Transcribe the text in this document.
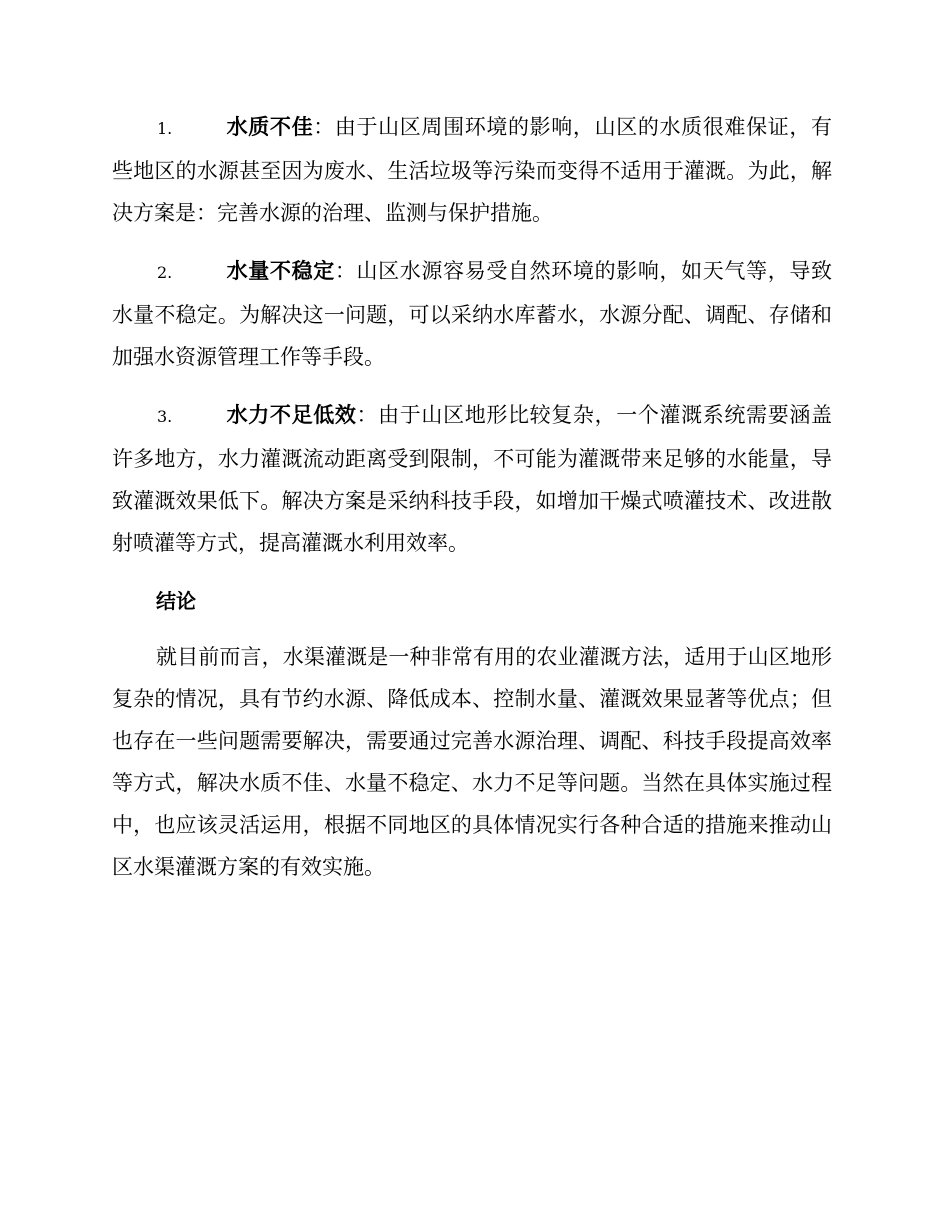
1.	水质不佳：由于山区周围环境的影响，山区的水质很难保证，有些地区的水源甚至因为废水、生活垃圾等污染而变得不适用于灌溉。为此，解决方案是：完善水源的治理、监测与保护措施。

2.	水量不稳定：山区水源容易受自然环境的影响，如天气等，导致水量不稳定。为解决这一问题，可以采纳水库蓄水，水源分配、调配、存储和加强水资源管理工作等手段。

3.	水力不足低效：由于山区地形比较复杂，一个灌溉系统需要涵盖许多地方，水力灌溉流动距离受到限制，不可能为灌溉带来足够的水能量，导致灌溉效果低下。解决方案是采纳科技手段，如增加干燥式喷灌技术、改进散射喷灌等方式，提高灌溉水利用效率。

结论

就目前而言，水渠灌溉是一种非常有用的农业灌溉方法，适用于山区地形复杂的情况，具有节约水源、降低成本、控制水量、灌溉效果显著等优点；但也存在一些问题需要解决，需要通过完善水源治理、调配、科技手段提高效率等方式，解决水质不佳、水量不稳定、水力不足等问题。当然在具体实施过程中，也应该灵活运用，根据不同地区的具体情况实行各种合适的措施来推动山区水渠灌溉方案的有效实施。
